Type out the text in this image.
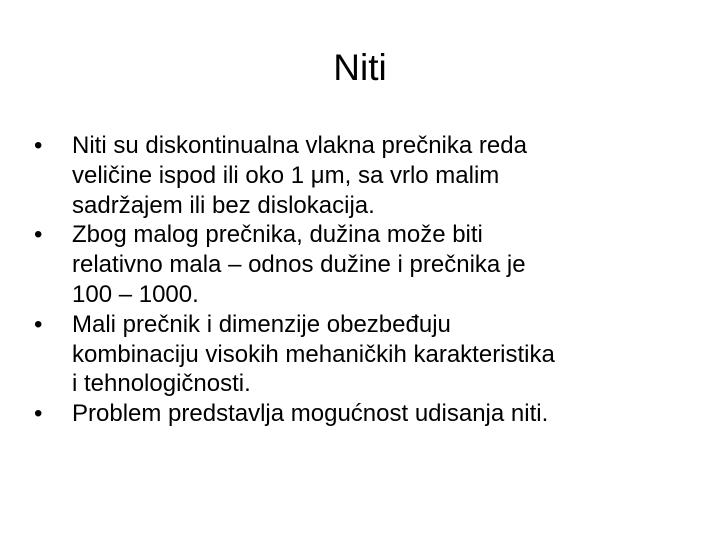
Niti
•	Niti su diskontinualna vlakna prečnika reda
veličine ispod ili oko 1 μm, sa vrlo malim
sadržajem ili bez dislokacija.
•	Zbog malog prečnika, dužina može biti
relativno mala – odnos dužine i prečnika je
100 – 1000.
•	Mali prečnik i dimenzije obezbeđuju
kombinaciju visokih mehaničkih karakteristika
i tehnologičnosti.
•	Problem predstavlja mogućnost udisanja niti.
